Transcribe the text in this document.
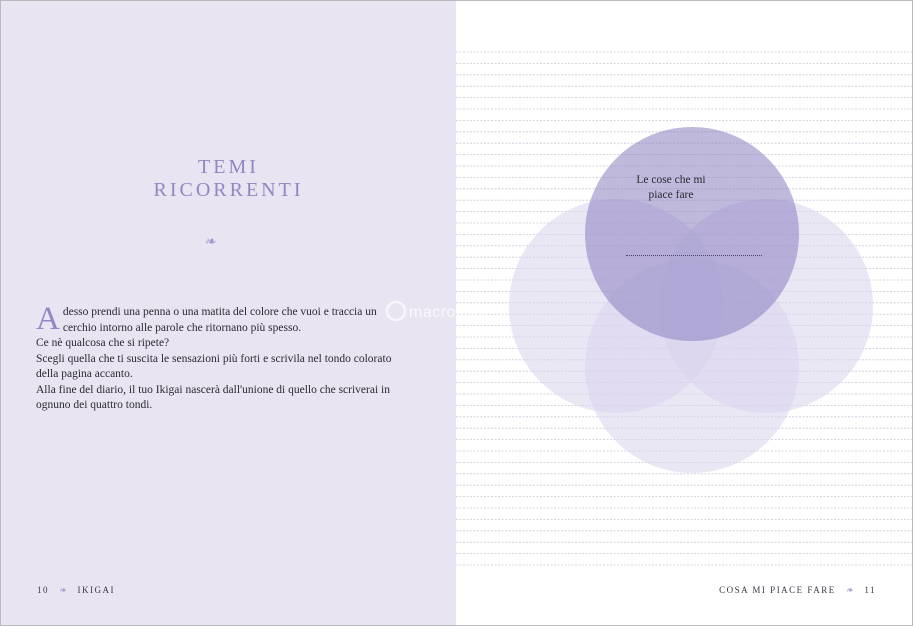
TEMI
RICORRENTI
❧

Adesso prendi una penna o una matita del colore che vuoi e traccia un cerchio intorno alle parole che ritornano più spesso.

Ce nè qualcosa che si ripete?

Scegli quella che ti suscita le sensazioni più forti e scrivila nel tondo colorato della pagina accanto.

Alla fine del diario, il tuo Ikigai nascerà dall'unione di quello che scriverai in ognuno dei quattro tondi.

10 ❧ IKIGAI
Le cose che mi
piace fare
COSA MI PIACE FARE ❧ 11
macrolibrarsi
